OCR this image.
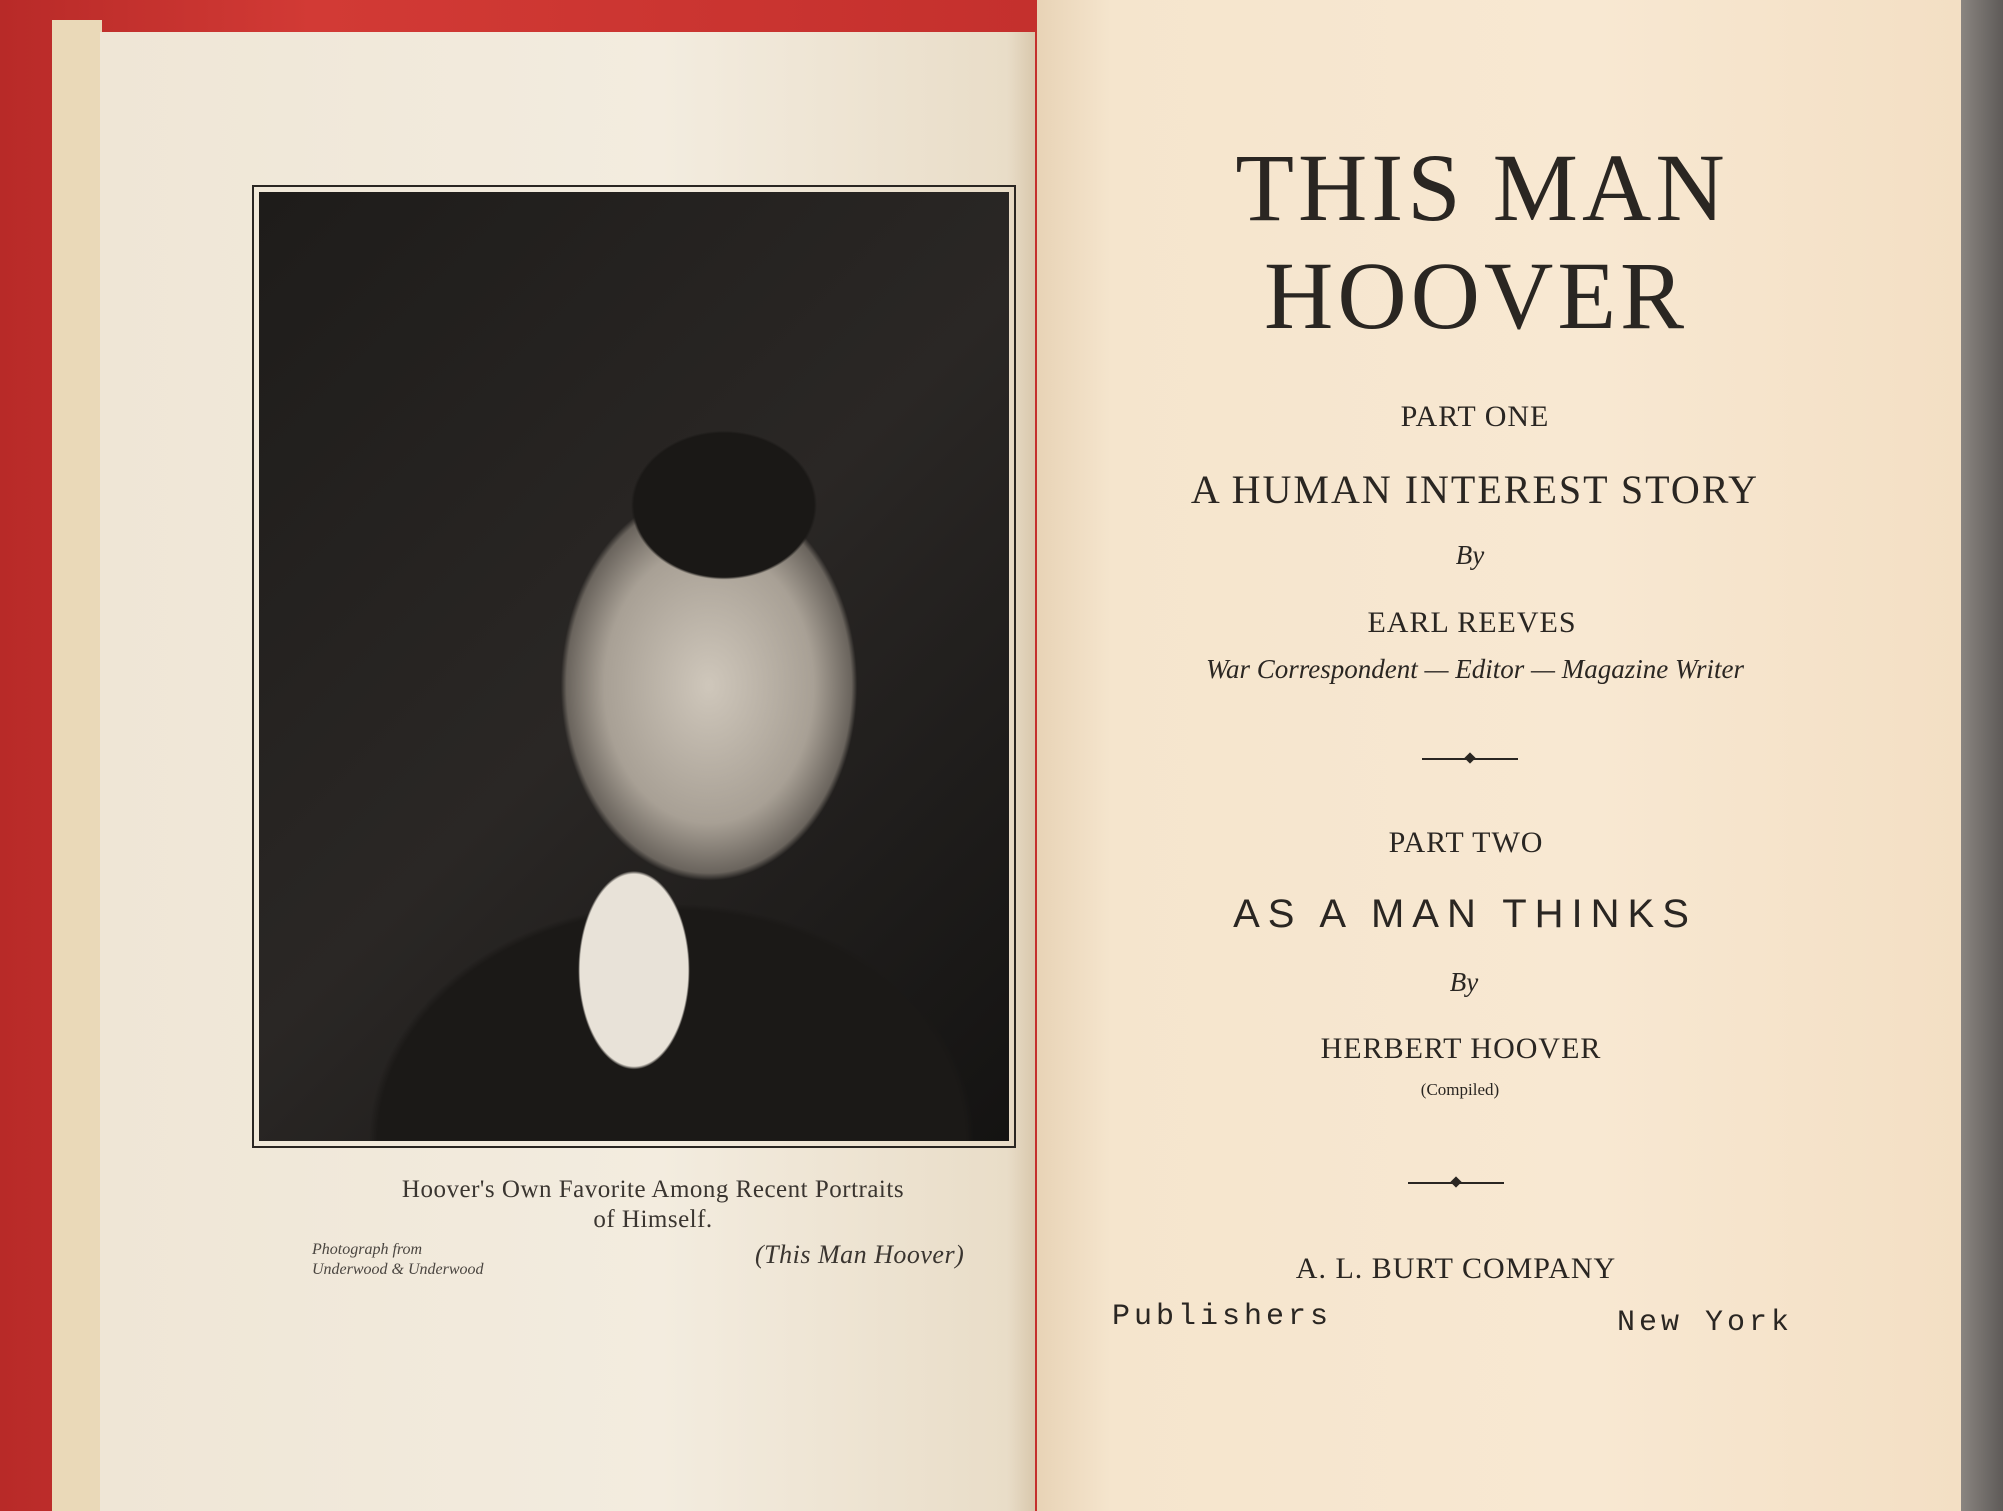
Hoover's Own Favorite Among Recent Portraits
of Himself.
Photograph from
Underwood & Underwood
(This Man Hoover)
THIS MAN
HOOVER
PART ONE
A HUMAN INTEREST STORY
By
EARL REEVES
War Correspondent — Editor — Magazine Writer
PART TWO
AS A MAN THINKS
By
HERBERT HOOVER
(Compiled)
A. L. BURT COMPANY
Publishers	New York
